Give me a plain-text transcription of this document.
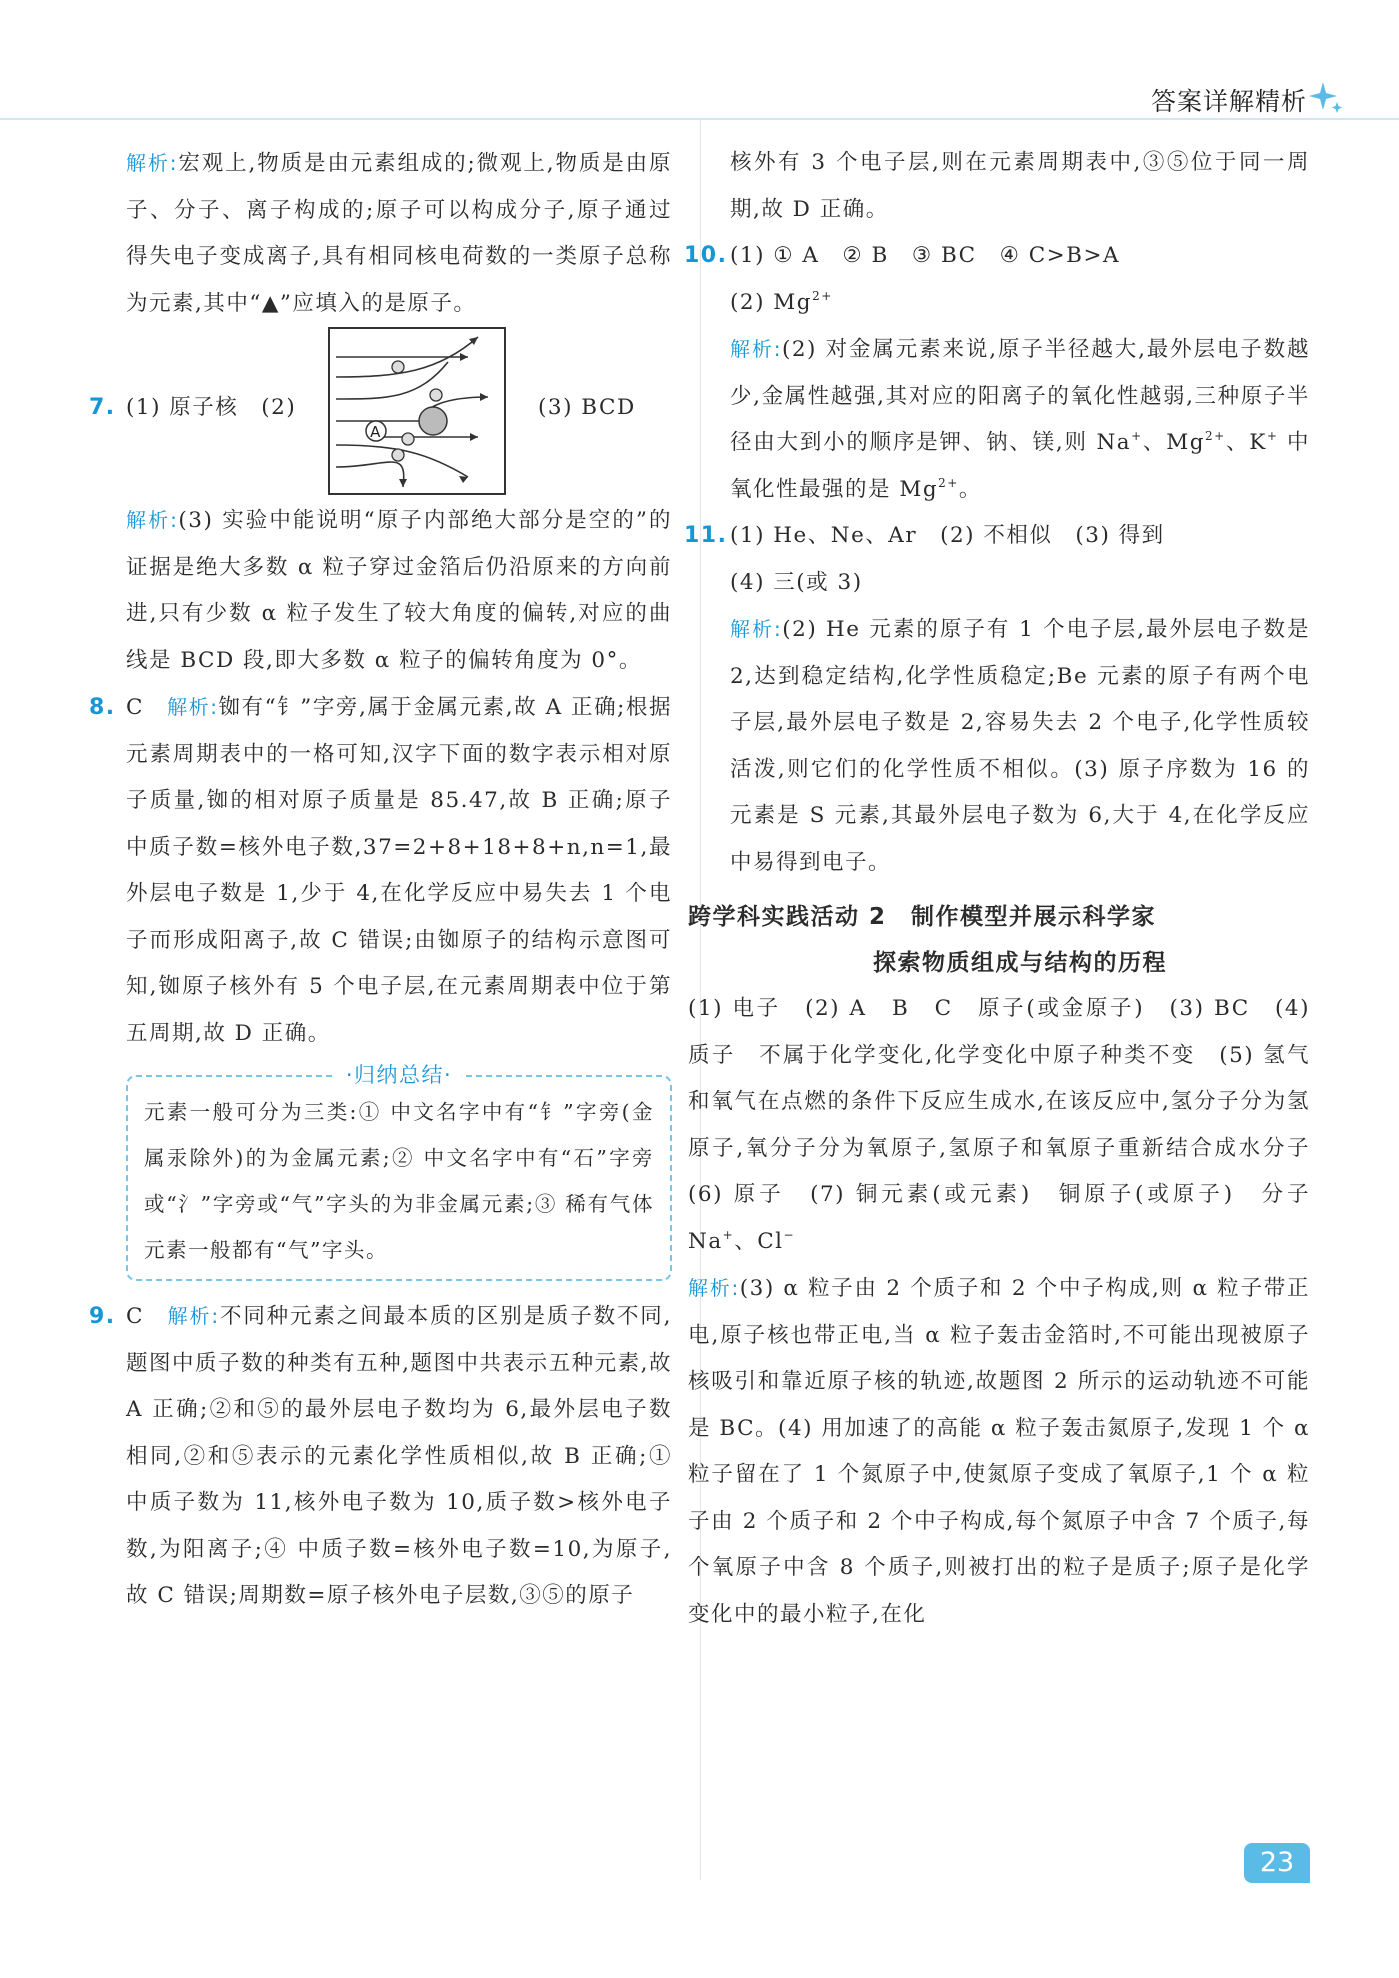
答案详解精析

解析:宏观上,物质是由元素组成的;微观上,物质是由原子、分子、离子构成的;原子可以构成分子,原子通过得失电子变成离子,具有相同核电荷数的一类原子总称为元素,其中“▲”应填入的是原子。

7. (1) 原子核　(2)
A
(3) BCD

解析:(3) 实验中能说明“原子内部绝大部分是空的”的证据是绝大多数 α 粒子穿过金箔后仍沿原来的方向前进,只有少数 α 粒子发生了较大角度的偏转,对应的曲线是 BCD 段,即大多数 α 粒子的偏转角度为 0°。

8. C　 解析:铷有“钅”字旁,属于金属元素,故 A 正确;根据元素周期表中的一格可知,汉字下面的数字表示相对原子质量,铷的相对原子质量是 85.47,故 B 正确;原子中质子数=核外电子数,37=2+8+18+8+n,n=1,最外层电子数是 1,少于 4,在化学反应中易失去 1 个电子而形成阳离子,故 C 错误;由铷原子的结构示意图可知,铷原子核外有 5 个电子层,在元素周期表中位于第五周期,故 D 正确。

·归纳总结·

元素一般可分为三类:① 中文名字中有“钅”字旁(金属汞除外)的为金属元素;② 中文名字中有“石”字旁或“氵”字旁或“气”字头的为非金属元素;③ 稀有气体元素一般都有“气”字头。

9. C　 解析:不同种元素之间最本质的区别是质子数不同,题图中质子数的种类有五种,题图中共表示五种元素,故 A 正确;②和⑤的最外层电子数均为 6,最外层电子数相同,②和⑤表示的元素化学性质相似,故 B 正确;① 中质子数为 11,核外电子数为 10,质子数>核外电子数,为阳离子;④ 中质子数=核外电子数=10,为原子,故 C 错误;周期数=原子核外电子层数,③⑤的原子

核外有 3 个电子层,则在元素周期表中,③⑤位于同一周期,故 D 正确。

10. (1) ① A　② B　③ BC　④ C>B>A

(2) $Mg^{2+}$

解析:(2) 对金属元素来说,原子半径越大,最外层电子数越少,金属性越强,其对应的阳离子的氧化性越弱,三种原子半径由大到小的顺序是钾、钠、镁,则 Na+、$Mg^{2+}$、K+ 中氧化性最强的是 $Mg^{2+}$。

11. (1) He、Ne、Ar　(2) 不相似　(3) 得到

(4) 三(或 3)

解析:(2) He 元素的原子有 1 个电子层,最外层电子数是 2,达到稳定结构,化学性质稳定;Be 元素的原子有两个电子层,最外层电子数是 2,容易失去 2 个电子,化学性质较活泼,则它们的化学性质不相似。(3) 原子序数为 16 的元素是 S 元素,其最外层电子数为 6,大于 4,在化学反应中易得到电子。

跨学科实践活动 2　制作模型并展示科学家

探索物质组成与结构的历程

(1) 电子　(2) A　B　C　原子(或金原子)　(3) BC　(4) 质子　不属于化学变化,化学变化中原子种类不变　(5) 氢气和氧气在点燃的条件下反应生成水,在该反应中,氢分子分为氢原子,氧分子分为氧原子,氢原子和氧原子重新结合成水分子　(6) 原子　(7) 铜元素(或元素)　铜原子(或原子)　分子　Na+、Cl−

解析:(3) α 粒子由 2 个质子和 2 个中子构成,则 α 粒子带正电,原子核也带正电,当 α 粒子轰击金箔时,不可能出现被原子核吸引和靠近原子核的轨迹,故题图 2 所示的运动轨迹不可能是 BC。(4) 用加速了的高能 α 粒子轰击氮原子,发现 1 个 α 粒子留在了 1 个氮原子中,使氮原子变成了氧原子,1 个 α 粒子由 2 个质子和 2 个中子构成,每个氮原子中含 7 个质子,每个氧原子中含 8 个质子,则被打出的粒子是质子;原子是化学变化中的最小粒子,在化

23
